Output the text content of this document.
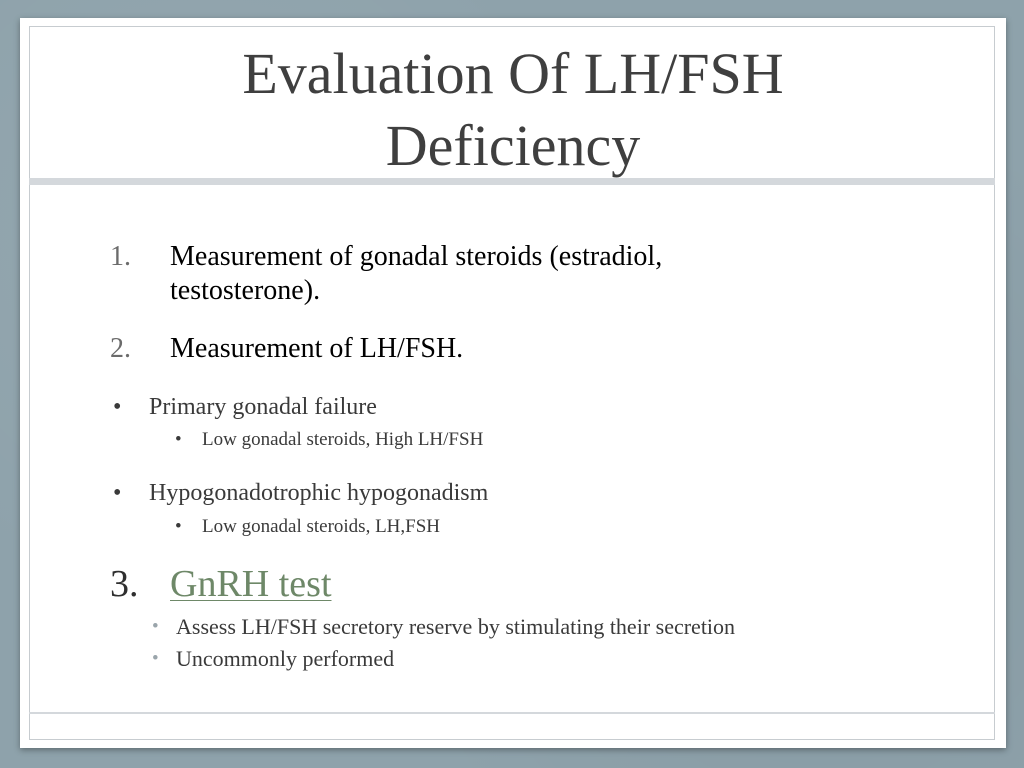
Evaluation Of LH/FSH
Deficiency
1. Measurement of gonadal steroids (estradiol,
testosterone).
2. Measurement of LH/FSH.
• Primary gonadal failure
• Low gonadal steroids, High LH/FSH
• Hypogonadotrophic hypogonadism
• Low gonadal steroids, LH,FSH
3. GnRH test
• Assess LH/FSH secretory reserve by stimulating their secretion
• Uncommonly performed
